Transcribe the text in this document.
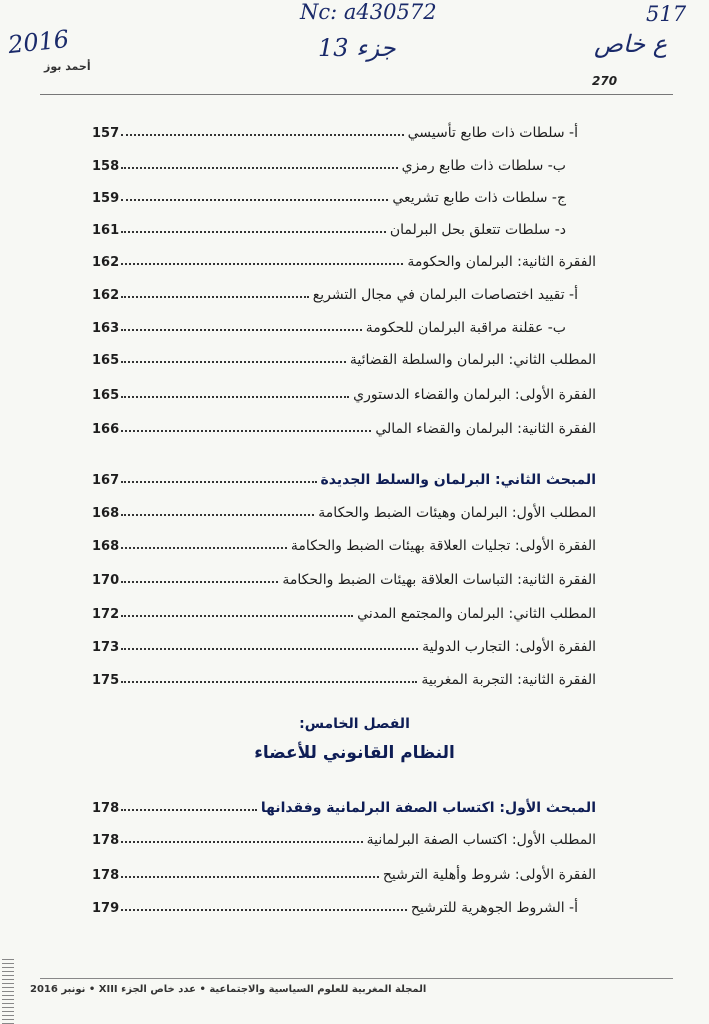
2016
Nc: a430572
جزء 13
517
ع خاص
أحمد بوز
270
أ- سلطات ذات طابع تأسيسي
157
ب- سلطات ذات طابع رمزي
158
ج- سلطات ذات طابع تشريعي
159
د- سلطات تتعلق بحل البرلمان
161
الفقرة الثانية: البرلمان والحكومة
162
أ- تقييد اختصاصات البرلمان في مجال التشريع
162
ب- عقلنة مراقبة البرلمان للحكومة
163
المطلب الثاني: البرلمان والسلطة القضائية
165
الفقرة الأولى: البرلمان والقضاء الدستوري
165
الفقرة الثانية: البرلمان والقضاء المالي
166
المبحث الثاني: البرلمان والسلط الجديدة
167
المطلب الأول: البرلمان وهيئات الضبط والحكامة
168
الفقرة الأولى: تجليات العلاقة بهيئات الضبط والحكامة
168
الفقرة الثانية: التباسات العلاقة بهيئات الضبط والحكامة
170
المطلب الثاني: البرلمان والمجتمع المدني
172
الفقرة الأولى: التجارب الدولية
173
الفقرة الثانية: التجربة المغربية
175
الفصل الخامس:
النظام القانوني للأعضاء
المبحث الأول: اكتساب الصفة البرلمانية وفقدانها
178
المطلب الأول: اكتساب الصفة البرلمانية
178
الفقرة الأولى: شروط وأهلية الترشيح
178
أ- الشروط الجوهرية للترشيح
179
المجلة المغربية للعلوم السياسية والاجتماعية • عدد خاص الجزء XIII • نونبر 2016
